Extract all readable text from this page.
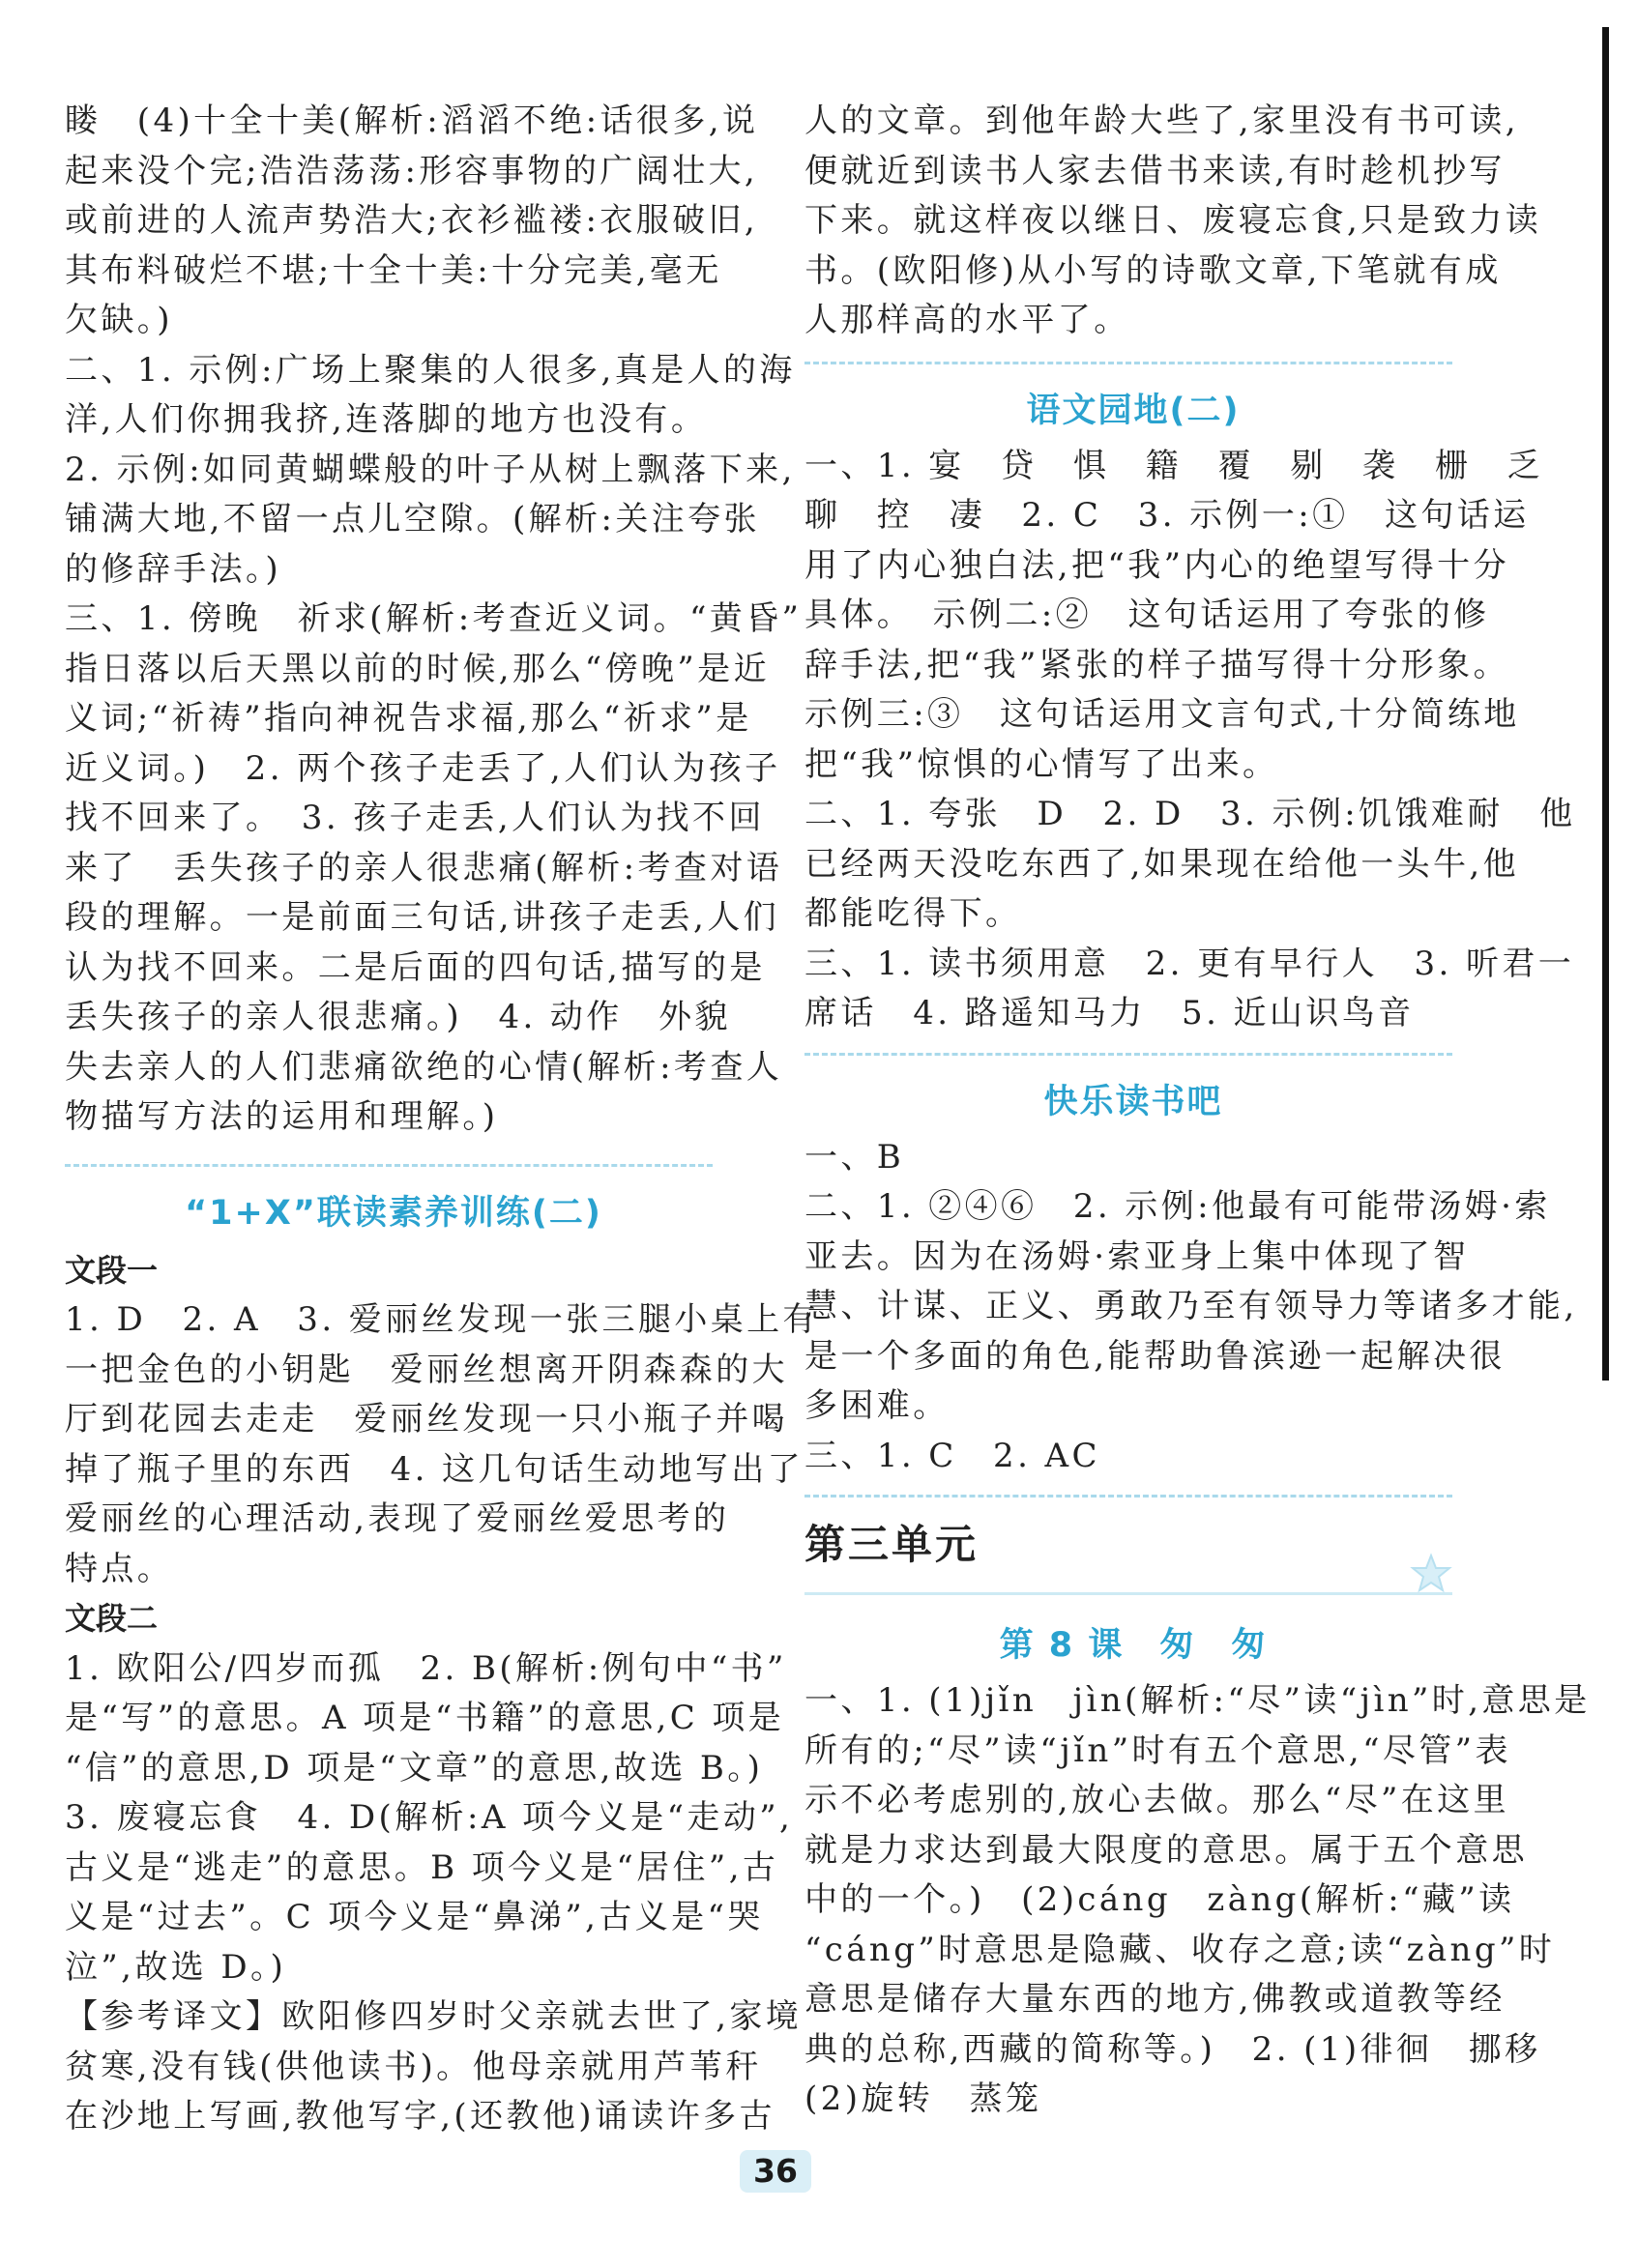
䁖　(4)十全十美(解析:滔滔不绝:话很多,说
起来没个完;浩浩荡荡:形容事物的广阔壮大,
或前进的人流声势浩大;衣衫褴褛:衣服破旧,
其布料破烂不堪;十全十美:十分完美,毫无
欠缺。)
二、1. 示例:广场上聚集的人很多,真是人的海
洋,人们你拥我挤,连落脚的地方也没有。
2. 示例:如同黄蝴蝶般的叶子从树上飘落下来,
铺满大地,不留一点儿空隙。(解析:关注夸张
的修辞手法。)
三、1. 傍晚　祈求(解析:考查近义词。“黄昏”
指日落以后天黑以前的时候,那么“傍晚”是近
义词;“祈祷”指向神祝告求福,那么“祈求”是
近义词。)　2. 两个孩子走丢了,人们认为孩子
找不回来了。　3. 孩子走丢,人们认为找不回
来了　丢失孩子的亲人很悲痛(解析:考查对语
段的理解。一是前面三句话,讲孩子走丢,人们
认为找不回来。二是后面的四句话,描写的是
丢失孩子的亲人很悲痛。)　4. 动作　外貌
失去亲人的人们悲痛欲绝的心情(解析:考查人
物描写方法的运用和理解。)
“1+X”联读素养训练(二)
文段一
1. D　2. A　3. 爱丽丝发现一张三腿小桌上有
一把金色的小钥匙　爱丽丝想离开阴森森的大
厅到花园去走走　爱丽丝发现一只小瓶子并喝
掉了瓶子里的东西　4. 这几句话生动地写出了
爱丽丝的心理活动,表现了爱丽丝爱思考的
特点。
文段二
1. 欧阳公/四岁而孤　2. B(解析:例句中“书”
是“写”的意思。A 项是“书籍”的意思,C 项是
“信”的意思,D 项是“文章”的意思,故选 B。)
3. 废寝忘食　4. D(解析:A 项今义是“走动”,
古义是“逃走”的意思。B 项今义是“居住”,古
义是“过去”。C 项今义是“鼻涕”,古义是“哭
泣”,故选 D。)
【参考译文】欧阳修四岁时父亲就去世了,家境
贫寒,没有钱(供他读书)。他母亲就用芦苇秆
在沙地上写画,教他写字,(还教他)诵读许多古
人的文章。到他年龄大些了,家里没有书可读,
便就近到读书人家去借书来读,有时趁机抄写
下来。就这样夜以继日、废寝忘食,只是致力读
书。(欧阳修)从小写的诗歌文章,下笔就有成
人那样高的水平了。
语文园地(二)
一、1. 宴　贷　惧　籍　覆　剔　袭　栅　乏
聊　控　凄　2. C　3. 示例一:①　这句话运
用了内心独白法,把“我”内心的绝望写得十分
具体。　示例二:②　这句话运用了夸张的修
辞手法,把“我”紧张的样子描写得十分形象。
示例三:③　这句话运用文言句式,十分简练地
把“我”惊惧的心情写了出来。
二、1. 夸张　D　2. D　3. 示例:饥饿难耐　他
已经两天没吃东西了,如果现在给他一头牛,他
都能吃得下。
三、1. 读书须用意　2. 更有早行人　3. 听君一
席话　4. 路遥知马力　5. 近山识鸟音
快乐读书吧
一、B
二、1. ②④⑥　2. 示例:他最有可能带汤姆·索
亚去。因为在汤姆·索亚身上集中体现了智
慧、计谋、正义、勇敢乃至有领导力等诸多才能,
是一个多面的角色,能帮助鲁滨逊一起解决很
多困难。
三、1. C　2. AC
第三单元
第 8 课　匆　匆
一、1. (1)jǐn　jìn(解析:“尽”读“jìn”时,意思是
所有的;“尽”读“jǐn”时有五个意思,“尽管”表
示不必考虑别的,放心去做。那么“尽”在这里
就是力求达到最大限度的意思。属于五个意思
中的一个。)　(2)cáng　zàng(解析:“藏”读
“cáng”时意思是隐藏、收存之意;读“zàng”时
意思是储存大量东西的地方,佛教或道教等经
典的总称,西藏的简称等。)　2. (1)徘徊　挪移
(2)旋转　蒸笼
36
